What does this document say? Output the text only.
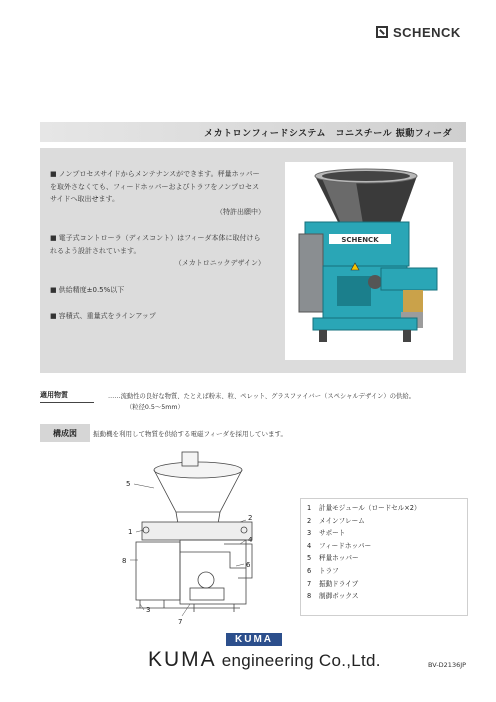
SCHENCK
メカトロンフィードシステム　コニスチール 振動フィーダ
■ ノンプロセスサイドからメンテナンスができます。秤量ホッパーを取外さなくても、フィードホッパーおよびトラフをノンプロセスサイドへ取出せます。
（特許出願中）
■ 電子式コントローラ（ディスコント）はフィーダ本体に取付けられるよう設計されています。
（メカトロニックデザイン）
■ 供給精度±0.5%以下
■ 容積式、重量式をラインアップ
SCHENCK
適用物質	……流動性の良好な物質、たとえば粉末、粒、ペレット、グラスファイバー（スペシャルデザイン）の供給。
（粒径0.5～5mm）
構成図	振動機を利用して物質を供給する電磁フィーダを採用しています。
5
1
8
3
7
2
4
6
1 計量モジュール（ロードセル×2）
2 メインフレーム
3 サポート
4 フィードホッパー
5 秤量ホッパー
6 トラフ
7 振動ドライブ
8 制御ボックス
KUMA
KUMA engineering Co.,Ltd.	BV-D2136JP
